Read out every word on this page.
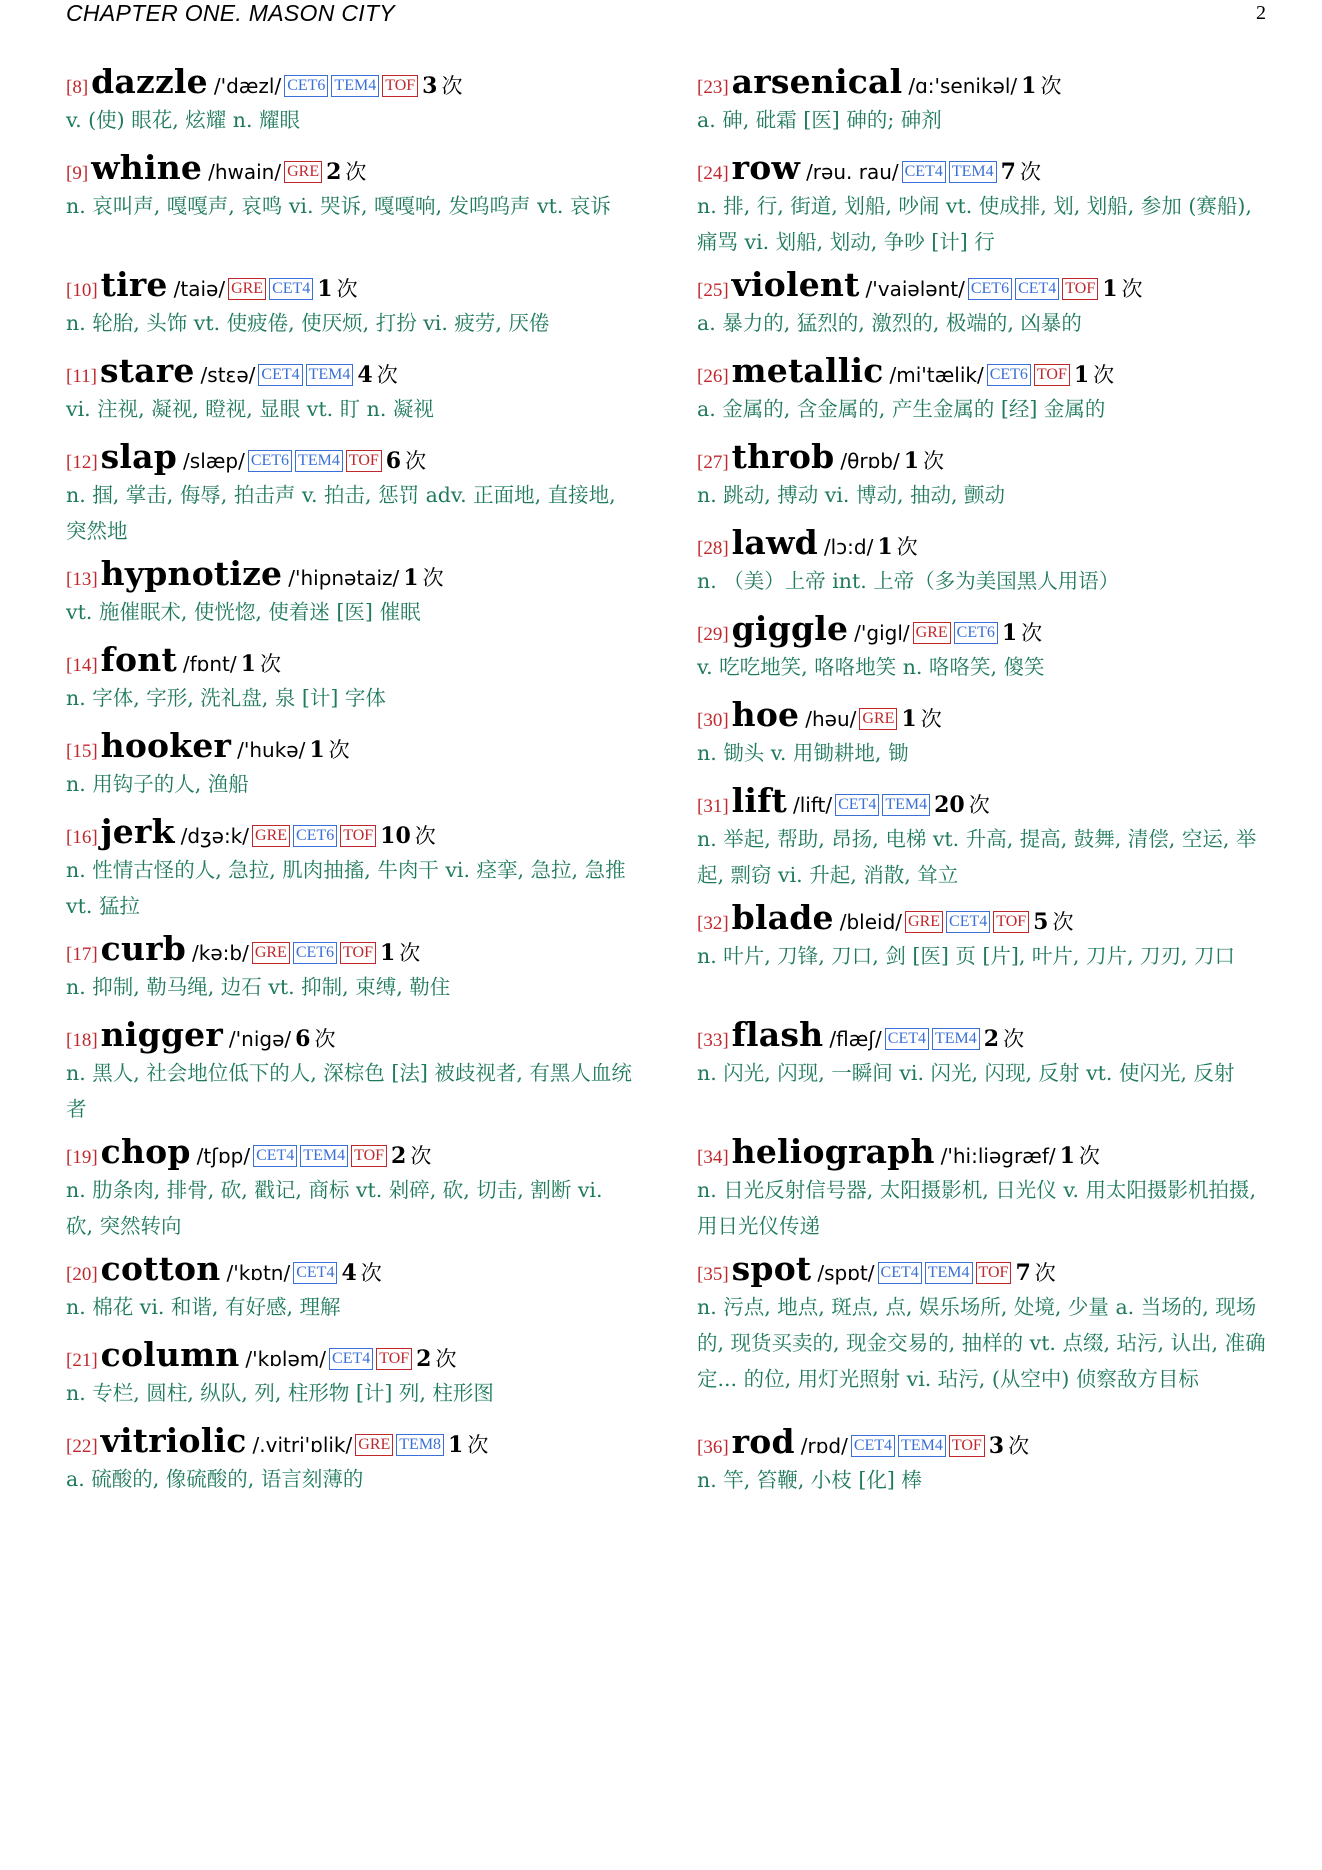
CHAPTER ONE. MASON CITY	2
[8]dazzle /'dæzl/ CET6 TEM4 TOF 3 次
v. (使) 眼花, 炫耀 n. 耀眼
[9]whine /hwain/ GRE 2 次
n. 哀叫声, 嘎嘎声, 哀鸣 vi. 哭诉, 嘎嘎响, 发呜呜声 vt. 哀诉
[10]tire /taiə/ GRE CET4 1 次
n. 轮胎, 头饰 vt. 使疲倦, 使厌烦, 打扮 vi. 疲劳, 厌倦
[11]stare /stεə/ CET4 TEM4 4 次
vi. 注视, 凝视, 瞪视, 显眼 vt. 盯 n. 凝视
[12]slap /slæp/ CET6 TEM4 TOF 6 次
n. 掴, 掌击, 侮辱, 拍击声 v. 拍击, 惩罚 adv. 正面地, 直接地, 突然地
[13]hypnotize /'hipnətaiz/ 1 次
vt. 施催眠术, 使恍惚, 使着迷 [医] 催眠
[14]font /fɒnt/ 1 次
n. 字体, 字形, 洗礼盘, 泉 [计] 字体
[15]hooker /'hukə/ 1 次
n. 用钩子的人, 渔船
[16]jerk /dʒə:k/ GRE CET6 TOF 10 次
n. 性情古怪的人, 急拉, 肌肉抽搐, 牛肉干 vi. 痉挛, 急拉, 急推 vt. 猛拉
[17]curb /kə:b/ GRE CET6 TOF 1 次
n. 抑制, 勒马绳, 边石 vt. 抑制, 束缚, 勒住
[18]nigger /'nigə/ 6 次
n. 黑人, 社会地位低下的人, 深棕色 [法] 被歧视者, 有黑人血统者
[19]chop /tʃɒp/ CET4 TEM4 TOF 2 次
n. 肋条肉, 排骨, 砍, 戳记, 商标 vt. 剁碎, 砍, 切击, 割断 vi. 砍, 突然转向
[20]cotton /'kɒtn/ CET4 4 次
n. 棉花 vi. 和谐, 有好感, 理解
[21]column /'kɒləm/ CET4 TOF 2 次
n. 专栏, 圆柱, 纵队, 列, 柱形物 [计] 列, 柱形图
[22]vitriolic /.vitri'ɒlik/ GRE TEM8 1 次
a. 硫酸的, 像硫酸的, 语言刻薄的
[23]arsenical /ɑ:'senikəl/ 1 次
a. 砷, 砒霜 [医] 砷的; 砷剂
[24]row /rəu. rau/ CET4 TEM4 7 次
n. 排, 行, 街道, 划船, 吵闹 vt. 使成排, 划, 划船, 参加 (赛船), 痛骂 vi. 划船, 划动, 争吵 [计] 行
[25]violent /'vaiələnt/ CET6 CET4 TOF 1 次
a. 暴力的, 猛烈的, 激烈的, 极端的, 凶暴的
[26]metallic /mi'tælik/ CET6 TOF 1 次
a. 金属的, 含金属的, 产生金属的 [经] 金属的
[27]throb /θrɒb/ 1 次
n. 跳动, 搏动 vi. 博动, 抽动, 颤动
[28]lawd /lɔ:d/ 1 次
n. （美）上帝 int. 上帝（多为美国黑人用语）
[29]giggle /'gigl/ GRE CET6 1 次
v. 吃吃地笑, 咯咯地笑 n. 咯咯笑, 傻笑
[30]hoe /həu/ GRE 1 次
n. 锄头 v. 用锄耕地, 锄
[31]lift /lift/ CET4 TEM4 20 次
n. 举起, 帮助, 昂扬, 电梯 vt. 升高, 提高, 鼓舞, 清偿, 空运, 举起, 剽窃 vi. 升起, 消散, 耸立
[32]blade /bleid/ GRE CET4 TOF 5 次
n. 叶片, 刀锋, 刀口, 剑 [医] 页 [片], 叶片, 刀片, 刀刃, 刀口
[33]flash /flæʃ/ CET4 TEM4 2 次
n. 闪光, 闪现, 一瞬间 vi. 闪光, 闪现, 反射 vt. 使闪光, 反射
[34]heliograph /'hi:liəgræf/ 1 次
n. 日光反射信号器, 太阳摄影机, 日光仪 v. 用太阳摄影机拍摄, 用日光仪传递
[35]spot /spɒt/ CET4 TEM4 TOF 7 次
n. 污点, 地点, 斑点, 点, 娱乐场所, 处境, 少量 a. 当场的, 现场的, 现货买卖的, 现金交易的, 抽样的 vt. 点缀, 玷污, 认出, 准确定... 的位, 用灯光照射 vi. 玷污, (从空中) 侦察敌方目标
[36]rod /rɒd/ CET4 TEM4 TOF 3 次
n. 竿, 笞鞭, 小枝 [化] 棒
